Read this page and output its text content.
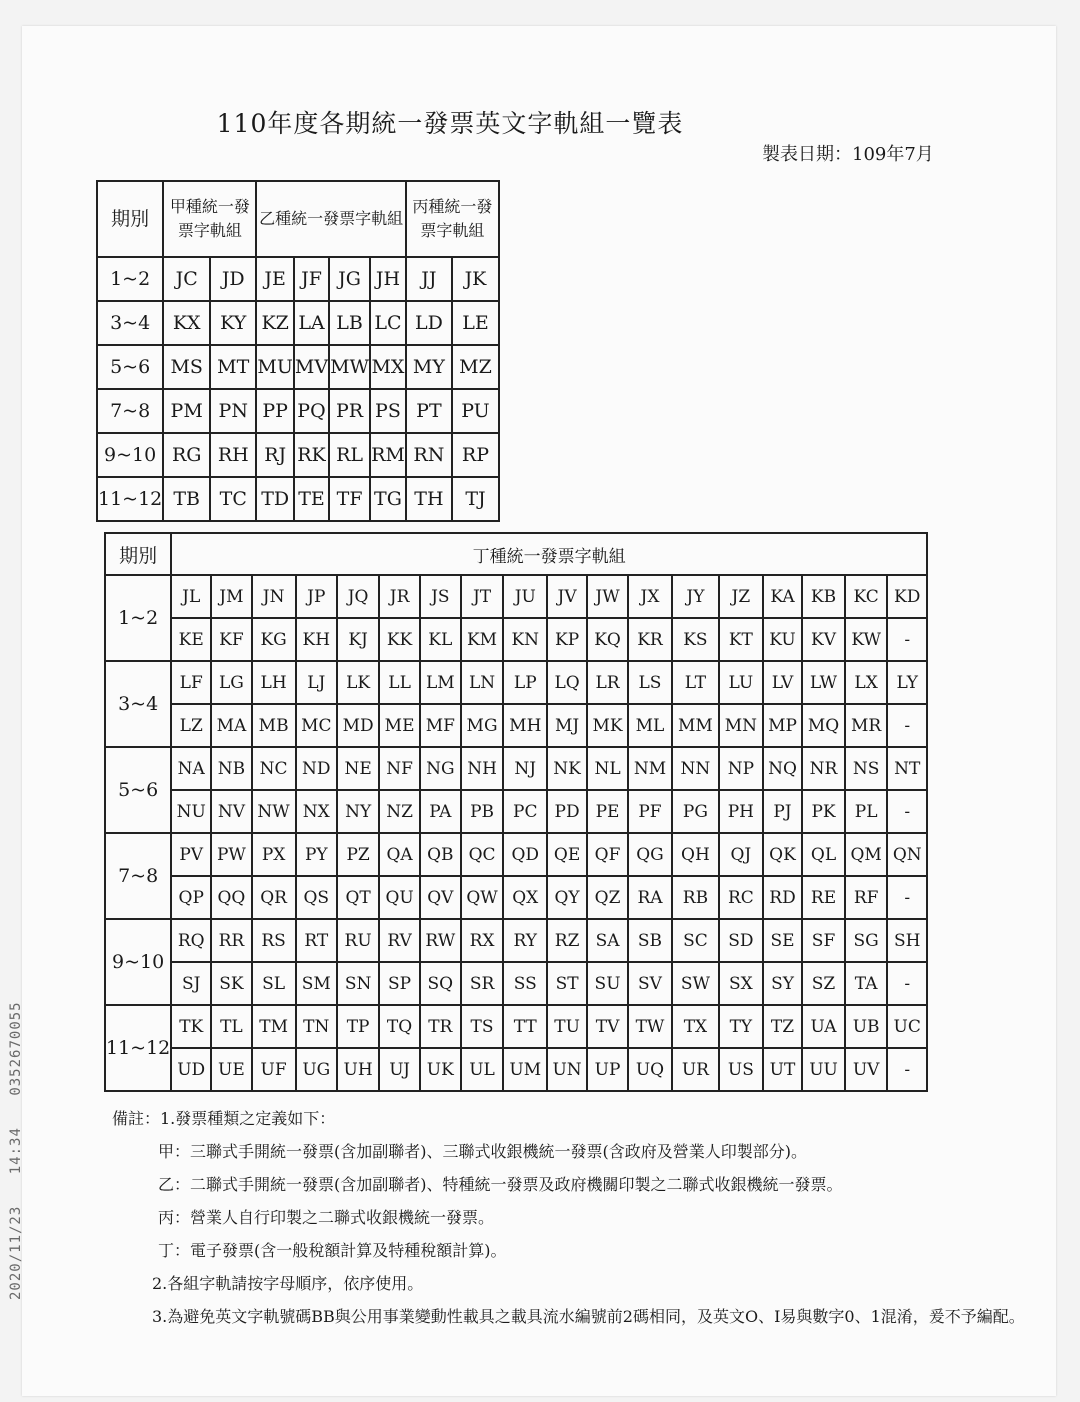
110年度各期統一發票英文字軌組一覽表
製表日期：109年7月
期別	甲種統一發票字軌組		乙種統一發票字軌組				丙種統一發票字軌組	
1~2	JC	JD	JE	JF	JG	JH	JJ	JK
3~4	KX	KY	KZ	LA	LB	LC	LD	LE
5~6	MS	MT	MU	MV	MW	MX	MY	MZ
7~8	PM	PN	PP	PQ	PR	PS	PT	PU
9~10	RG	RH	RJ	RK	RL	RM	RN	RP
11~12	TB	TC	TD	TE	TF	TG	TH	TJ
期別	丁種統一發票字軌組																	
1~2	JL	JM	JN	JP	JQ	JR	JS	JT	JU	JV	JW	JX	JY	JZ	KA	KB	KC	KD
	KE	KF	KG	KH	KJ	KK	KL	KM	KN	KP	KQ	KR	KS	KT	KU	KV	KW	-
3~4	LF	LG	LH	LJ	LK	LL	LM	LN	LP	LQ	LR	LS	LT	LU	LV	LW	LX	LY
	LZ	MA	MB	MC	MD	ME	MF	MG	MH	MJ	MK	ML	MM	MN	MP	MQ	MR	-
5~6	NA	NB	NC	ND	NE	NF	NG	NH	NJ	NK	NL	NM	NN	NP	NQ	NR	NS	NT
	NU	NV	NW	NX	NY	NZ	PA	PB	PC	PD	PE	PF	PG	PH	PJ	PK	PL	-
7~8	PV	PW	PX	PY	PZ	QA	QB	QC	QD	QE	QF	QG	QH	QJ	QK	QL	QM	QN
	QP	QQ	QR	QS	QT	QU	QV	QW	QX	QY	QZ	RA	RB	RC	RD	RE	RF	-
9~10	RQ	RR	RS	RT	RU	RV	RW	RX	RY	RZ	SA	SB	SC	SD	SE	SF	SG	SH
	SJ	SK	SL	SM	SN	SP	SQ	SR	SS	ST	SU	SV	SW	SX	SY	SZ	TA	-
11~12	TK	TL	TM	TN	TP	TQ	TR	TS	TT	TU	TV	TW	TX	TY	TZ	UA	UB	UC
	UD	UE	UF	UG	UH	UJ	UK	UL	UM	UN	UP	UQ	UR	US	UT	UU	UV	-
備註：1.發票種類之定義如下：
甲：三聯式手開統一發票(含加副聯者)、三聯式收銀機統一發票(含政府及營業人印製部分)。
乙：二聯式手開統一發票(含加副聯者)、特種統一發票及政府機關印製之二聯式收銀機統一發票。
丙：營業人自行印製之二聯式收銀機統一發票。
丁：電子發票(含一般稅額計算及特種稅額計算)。
2.各組字軌請按字母順序，依序使用。
3.為避免英文字軌號碼BB與公用事業變動性載具之載具流水編號前2碼相同，及英文O、I易與數字0、1混淆，爰不予編配。
2020/11/23 14:34 0352670055
